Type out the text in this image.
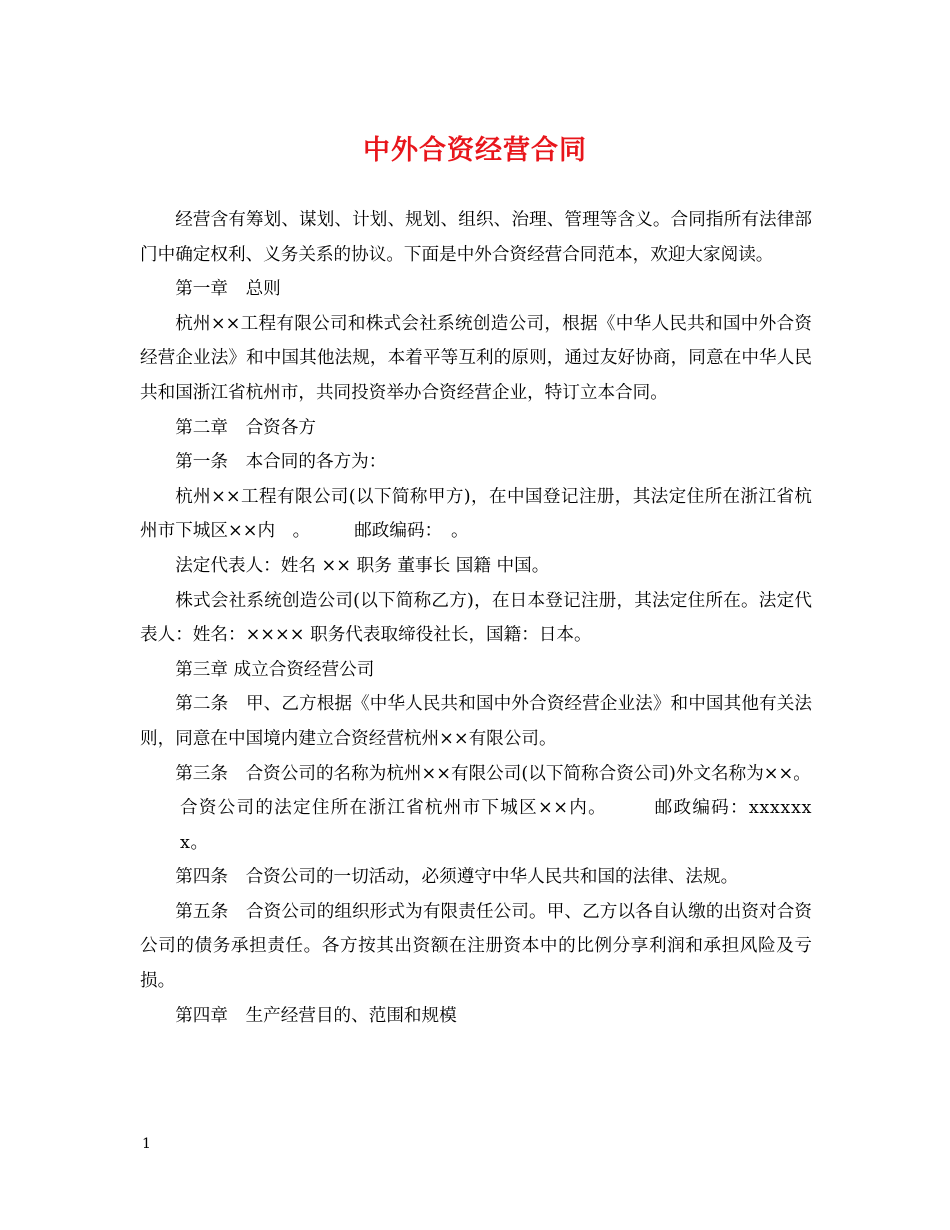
中外合资经营合同

经营含有筹划、谋划、计划、规划、组织、治理、管理等含义。合同指所有法律部门中确定权利、义务关系的协议。下面是中外合资经营合同范本，欢迎大家阅读。

第一章　总则

杭州××工程有限公司和株式会社系统创造公司，根据《中华人民共和国中外合资经营企业法》和中国其他法规，本着平等互利的原则，通过友好协商，同意在中华人民共和国浙江省杭州市，共同投资举办合资经营企业，特订立本合同。

第二章　合资各方

第一条　本合同的各方为：

杭州××工程有限公司(以下简称甲方)，在中国登记注册，其法定住所在浙江省杭州市下城区××内　。　　　邮政编码：　。

法定代表人：姓名 ×× 职务 董事长 国籍 中国。

株式会社系统创造公司(以下简称乙方)，在日本登记注册，其法定住所在。法定代表人：姓名：×××× 职务代表取缔役社长，国籍：日本。

第三章 成立合资经营公司

第二条　甲、乙方根据《中华人民共和国中外合资经营企业法》和中国其他有关法则，同意在中国境内建立合资经营杭州××有限公司。

第三条　合资公司的名称为杭州××有限公司(以下简称合资公司)外文名称为××。

合资公司的法定住所在浙江省杭州市下城区××内。　　　邮政编码：xxxxxxx。

第四条　合资公司的一切活动，必须遵守中华人民共和国的法律、法规。

第五条　合资公司的组织形式为有限责任公司。甲、乙方以各自认缴的出资对合资公司的债务承担责任。各方按其出资额在注册资本中的比例分享利润和承担风险及亏损。

第四章　生产经营目的、范围和规模

1
